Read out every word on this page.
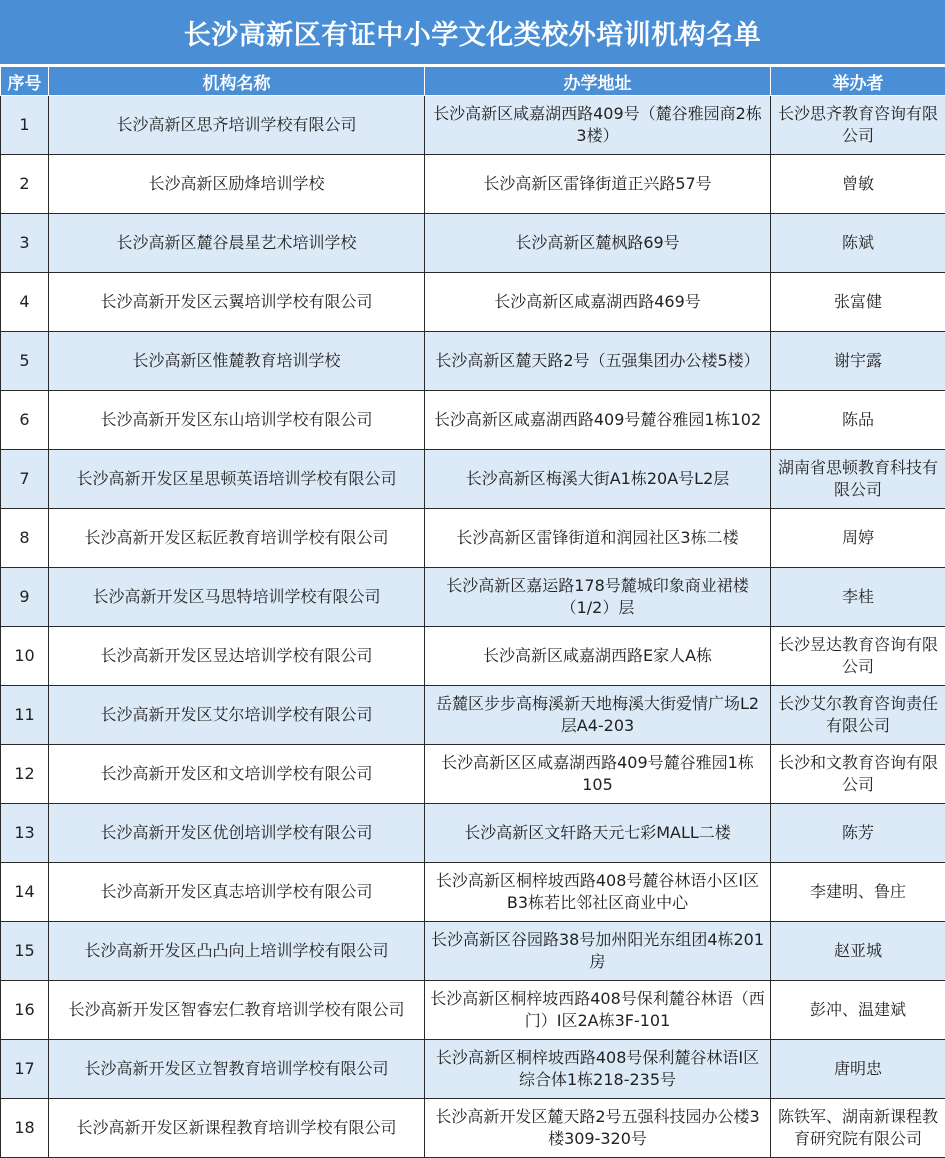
长沙高新区有证中小学文化类校外培训机构名单
序号	机构名称	办学地址	举办者
1	长沙高新区思齐培训学校有限公司	长沙高新区咸嘉湖西路409号（麓谷雅园商2栋3楼）	长沙思齐教育咨询有限公司
2	长沙高新区励烽培训学校	长沙高新区雷锋街道正兴路57号	曾敏
3	长沙高新区麓谷晨星艺术培训学校	长沙高新区麓枫路69号	陈斌
4	长沙高新开发区云翼培训学校有限公司	长沙高新区咸嘉湖西路469号	张富健
5	长沙高新区惟麓教育培训学校	长沙高新区麓天路2号（五强集团办公楼5楼）	谢宇露
6	长沙高新开发区东山培训学校有限公司	长沙高新区咸嘉湖西路409号麓谷雅园1栋102	陈品
7	长沙高新开发区星思顿英语培训学校有限公司	长沙高新区梅溪大街A1栋20A号L2层	湖南省思顿教育科技有限公司
8	长沙高新开发区耘匠教育培训学校有限公司	长沙高新区雷锋街道和润园社区3栋二楼	周婷
9	长沙高新开发区马思特培训学校有限公司	长沙高新区嘉运路178号麓城印象商业裙楼（1/2）层	李桂
10	长沙高新开发区昱达培训学校有限公司	长沙高新区咸嘉湖西路E家人A栋	长沙昱达教育咨询有限公司
11	长沙高新开发区艾尔培训学校有限公司	岳麓区步步高梅溪新天地梅溪大街爱情广场L2层A4-203	长沙艾尔教育咨询责任有限公司
12	长沙高新开发区和文培训学校有限公司	长沙高新区区咸嘉湖西路409号麓谷雅园1栋105	长沙和文教育咨询有限公司
13	长沙高新开发区优创培训学校有限公司	长沙高新区文轩路天元七彩MALL二楼	陈芳
14	长沙高新开发区真志培训学校有限公司	长沙高新区桐梓坡西路408号麓谷林语小区Ⅰ区B3栋若比邻社区商业中心	李建明、鲁庄
15	长沙高新开发区凸凸向上培训学校有限公司	长沙高新区谷园路38号加州阳光东组团4栋201房	赵亚城
16	长沙高新开发区智睿宏仁教育培训学校有限公司	长沙高新区桐梓坡西路408号保利麓谷林语（西门）Ⅰ区2A栋3F-101	彭冲、温建斌
17	长沙高新开发区立智教育培训学校有限公司	长沙高新区桐梓坡西路408号保利麓谷林语Ⅰ区综合体1栋218-235号	唐明忠
18	长沙高新开发区新课程教育培训学校有限公司	长沙高新开发区麓天路2号五强科技园办公楼3楼309-320号	陈铁军、湖南新课程教育研究院有限公司
